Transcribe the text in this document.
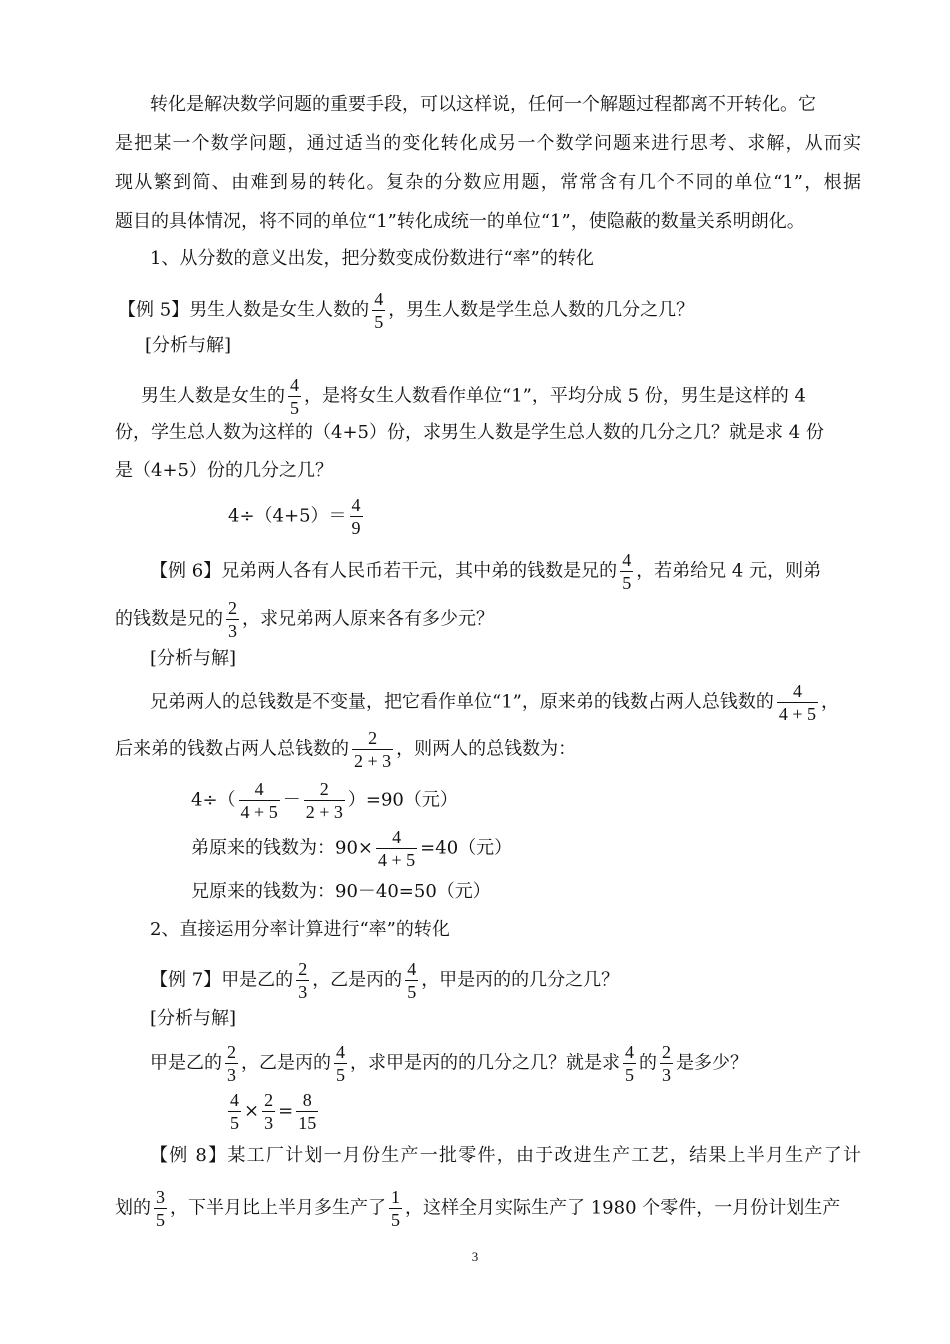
转化是解决数学问题的重要手段，可以这样说，任何一个解题过程都离不开转化。它
是把某一个数学问题，通过适当的变化转化成另一个数学问题来进行思考、求解，从而实
现从繁到简、由难到易的转化。复杂的分数应用题，常常含有几个不同的单位“1”，根据
题目的具体情况，将不同的单位“1”转化成统一的单位“1”，使隐蔽的数量关系明朗化。
1、从分数的意义出发，把分数变成份数进行“率”的转化
【例 5】男生人数是女生人数的 $\frac{4}{5}$ ，男生人数是学生总人数的几分之几？
[分析与解]
男生人数是女生的 $\frac{4}{5}$ ，是将女生人数看作单位“1”，平均分成 5 份，男生是这样的 4
份，学生总人数为这样的（4+5）份，求男生人数是学生总人数的几分之几？就是求 4 份
是（4+5）份的几分之几？
$4\div(4+5)= \frac{4}{9}$
【例 6】兄弟两人各有人民币若干元，其中弟的钱数是兄的 $\frac{4}{5}$ ，若弟给兄 4 元，则弟
的钱数是兄的 $\frac{2}{3}$ ，求兄弟两人原来各有多少元？
[分析与解]
兄弟两人的总钱数是不变量，把它看作单位“1”，原来弟的钱数占两人总钱数的 $\frac{4}{4 + 5}$ ，
后来弟的钱数占两人总钱数的 $\frac{2}{2 + 3}$ ，则两人的总钱数为：
$4\div( \frac{4}{4 + 5} - \frac{2}{2 + 3} )=90$（元）
弟原来的钱数为：$90\times \frac{4}{4 + 5} =40$（元）
兄原来的钱数为：90－40=50（元）
2、直接运用分率计算进行“率”的转化
【例 7】甲是乙的 $\frac{2}{3}$ ，乙是丙的 $\frac{4}{5}$ ，甲是丙的的几分之几？
[分析与解]
甲是乙的 $\frac{2}{3}$ ，乙是丙的 $\frac{4}{5}$ ，求甲是丙的的几分之几？就是求 $\frac{4}{5}$ 的 $\frac{2}{3}$ 是多少？
$\frac{4}{5} \times \frac{2}{3} = \frac{8}{15}$
【例 8】某工厂计划一月份生产一批零件，由于改进生产工艺，结果上半月生产了计
划的 $\frac{3}{5}$ ，下半月比上半月多生产了 $\frac{1}{5}$ ，这样全月实际生产了 1980 个零件，一月份计划生产
3
